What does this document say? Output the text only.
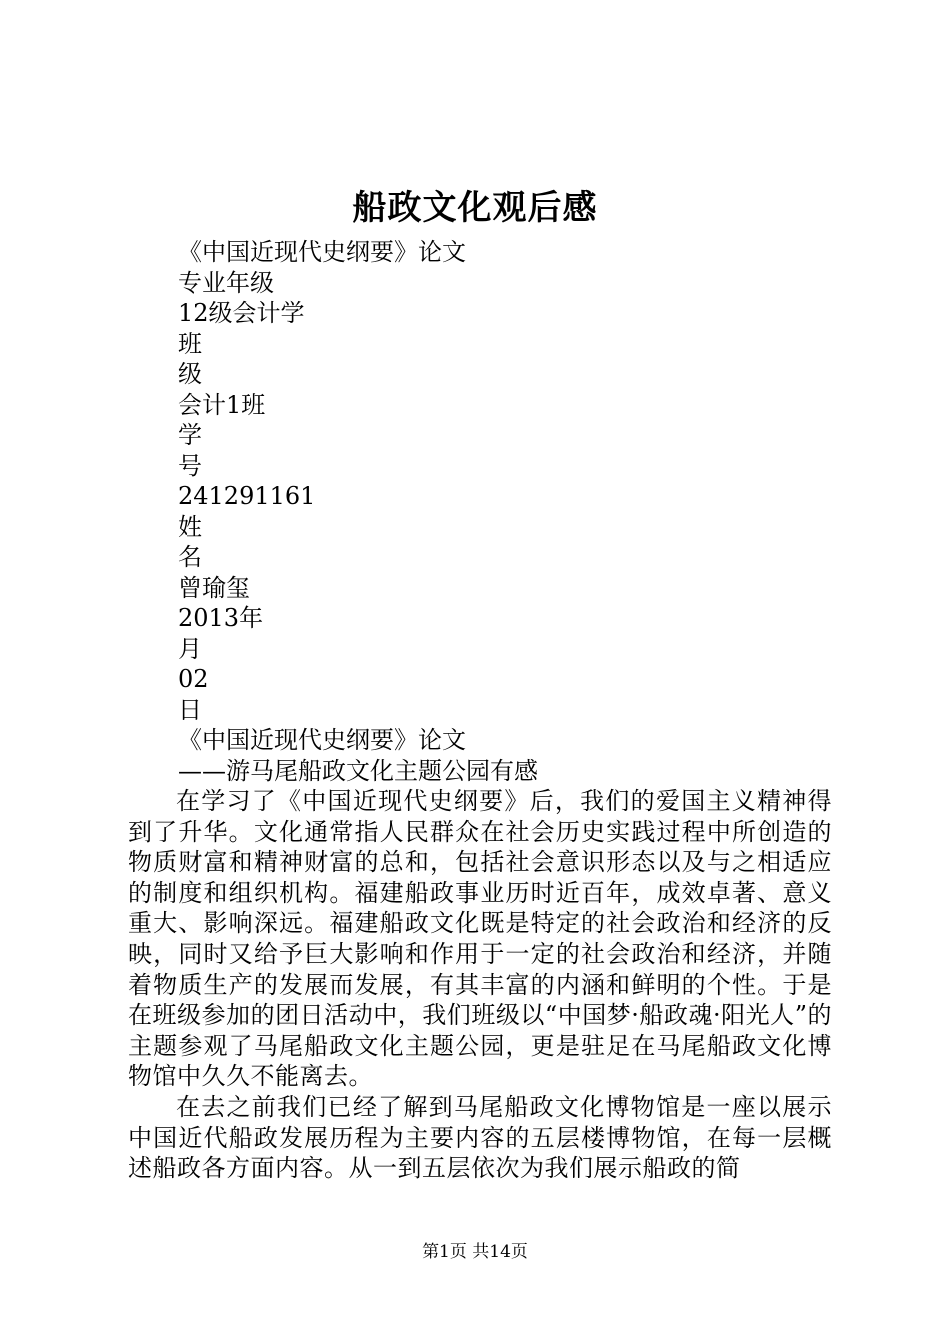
船政文化观后感
《中国近现代史纲要》论文
专业年级
12级会计学
班
级
会计1班
学
号
241291161
姓
名
曾瑜玺
2013年
月
02
日
《中国近现代史纲要》论文
——游马尾船政文化主题公园有感

在学习了《中国近现代史纲要》后，我们的爱国主义精神得到了升华。文化通常指人民群众在社会历史实践过程中所创造的物质财富和精神财富的总和，包括社会意识形态以及与之相适应的制度和组织机构。福建船政事业历时近百年，成效卓著、意义重大、影响深远。福建船政文化既是特定的社会政治和经济的反映，同时又给予巨大影响和作用于一定的社会政治和经济，并随着物质生产的发展而发展，有其丰富的内涵和鲜明的个性。于是在班级参加的团日活动中，我们班级以“中国梦·船政魂·阳光人”的主题参观了马尾船政文化主题公园，更是驻足在马尾船政文化博物馆中久久不能离去。

在去之前我们已经了解到马尾船政文化博物馆是一座以展示中国近代船政发展历程为主要内容的五层楼博物馆，在每一层概述船政各方面内容。从一到五层依次为我们展示船政的简

第1页 共14页
